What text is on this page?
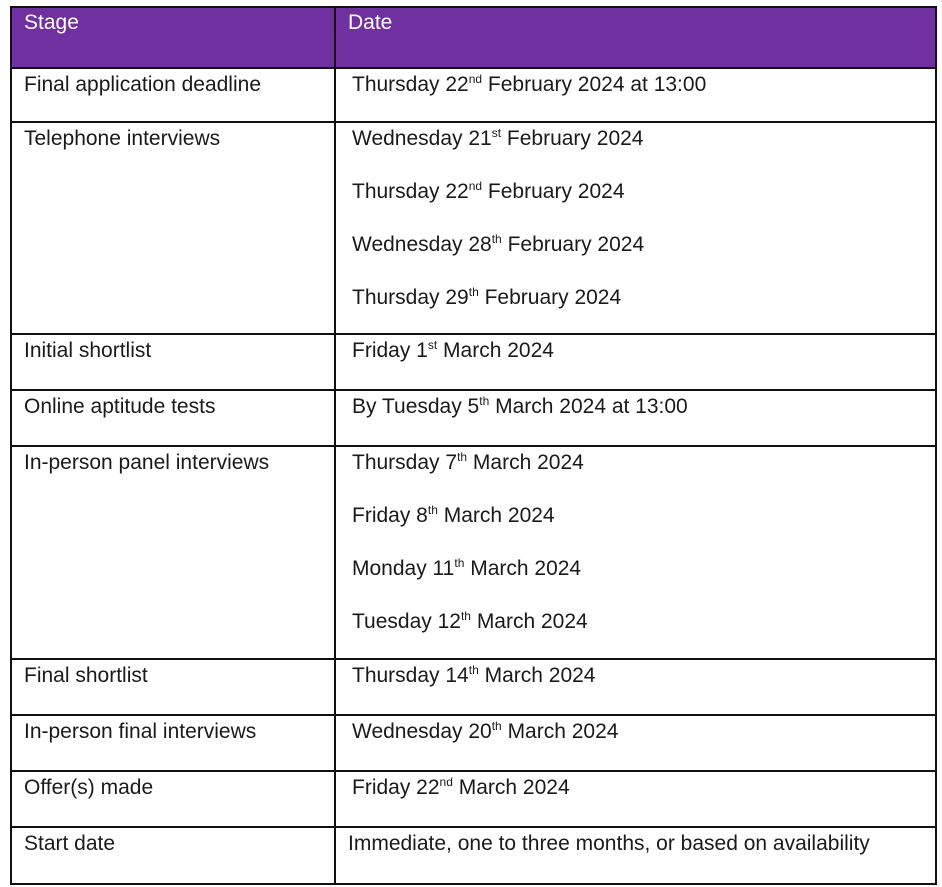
Stage	Date
Final application deadline	Thursday 22nd February 2024 at 13:00

Telephone interviews	Wednesday 21st February 2024
Thursday 22nd February 2024
Wednesday 28th February 2024
Thursday 29th February 2024

Initial shortlist	Friday 1st March 2024

Online aptitude tests	By Tuesday 5th March 2024 at 13:00

In-person panel interviews	Thursday 7th March 2024
Friday 8th March 2024
Monday 11th March 2024
Tuesday 12th March 2024

Final shortlist	Thursday 14th March 2024

In-person final interviews	Wednesday 20th March 2024

Offer(s) made	Friday 22nd March 2024

Start date	Immediate, one to three months, or based on availability
